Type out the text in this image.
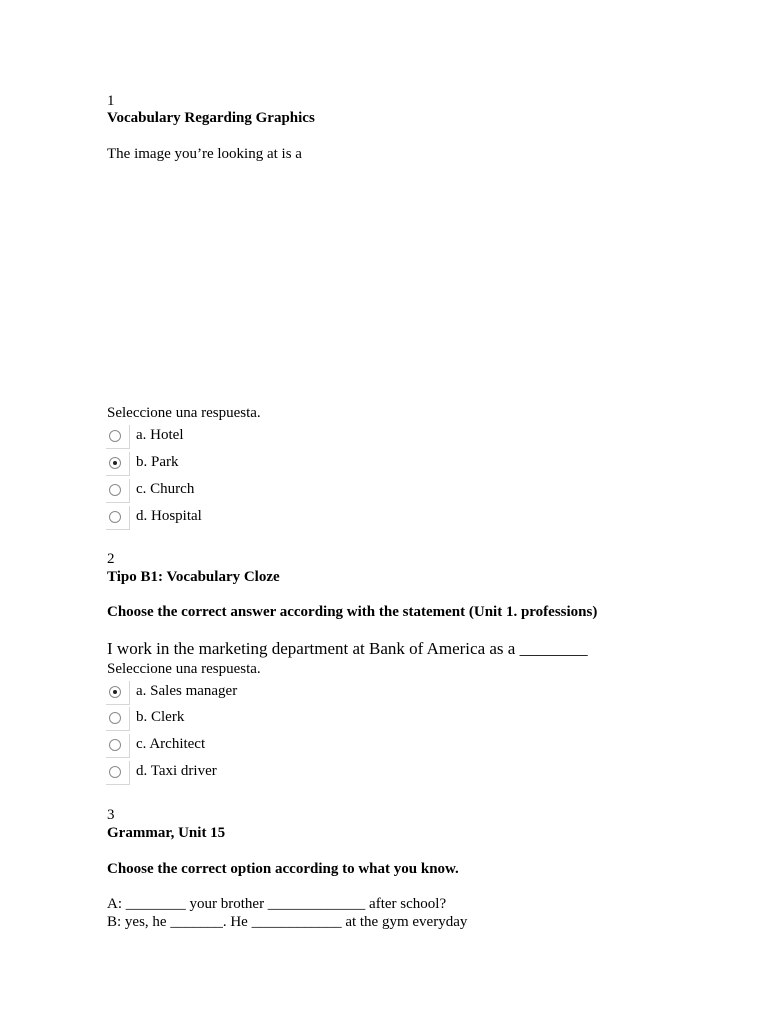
1
Vocabulary Regarding Graphics
The image you’re looking at is a
Seleccione una respuesta.
a. Hotel
b. Park
c. Church
d. Hospital
2
Tipo B1: Vocabulary Cloze
Choose the correct answer according with the statement (Unit 1. professions)
I work in the marketing department at Bank of America as a ________
Seleccione una respuesta.
a. Sales manager
b. Clerk
c. Architect
d. Taxi driver
3
Grammar, Unit 15
Choose the correct option according to what you know.
A: ________ your brother _____________ after school?
B: yes, he _______. He ____________ at the gym everyday
